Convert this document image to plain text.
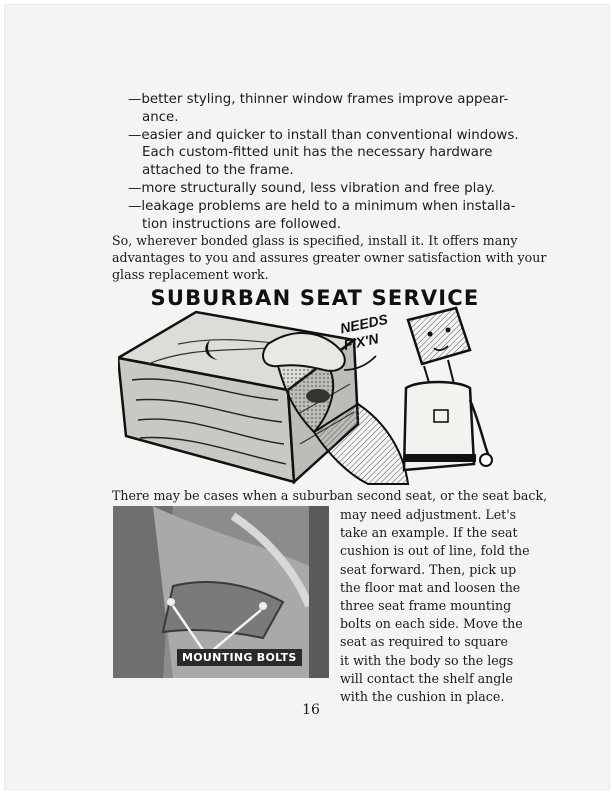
—better styling, thinner window frames improve appear-
ance.
—easier and quicker to install than conventional windows.
Each custom-fitted unit has the necessary hardware
attached to the frame.
—more structurally sound, less vibration and free play.
—leakage problems are held to a minimum when installa-
tion instructions are followed.
So, wherever bonded glass is specified, install it. It offers many
advantages to you and assures greater owner satisfaction with your
glass replacement work.
SUBURBAN SEAT SERVICE
NEEDS
FIX'N
There may be cases when a suburban second seat, or the seat back,
MOUNTING BOLTS
may need adjustment. Let's
take an example. If the seat
cushion is out of line, fold the
seat forward. Then, pick up
the floor mat and loosen the
three seat frame mounting
bolts on each side. Move the
seat as required to square
it with the body so the legs
will contact the shelf angle
with the cushion in place.
16
